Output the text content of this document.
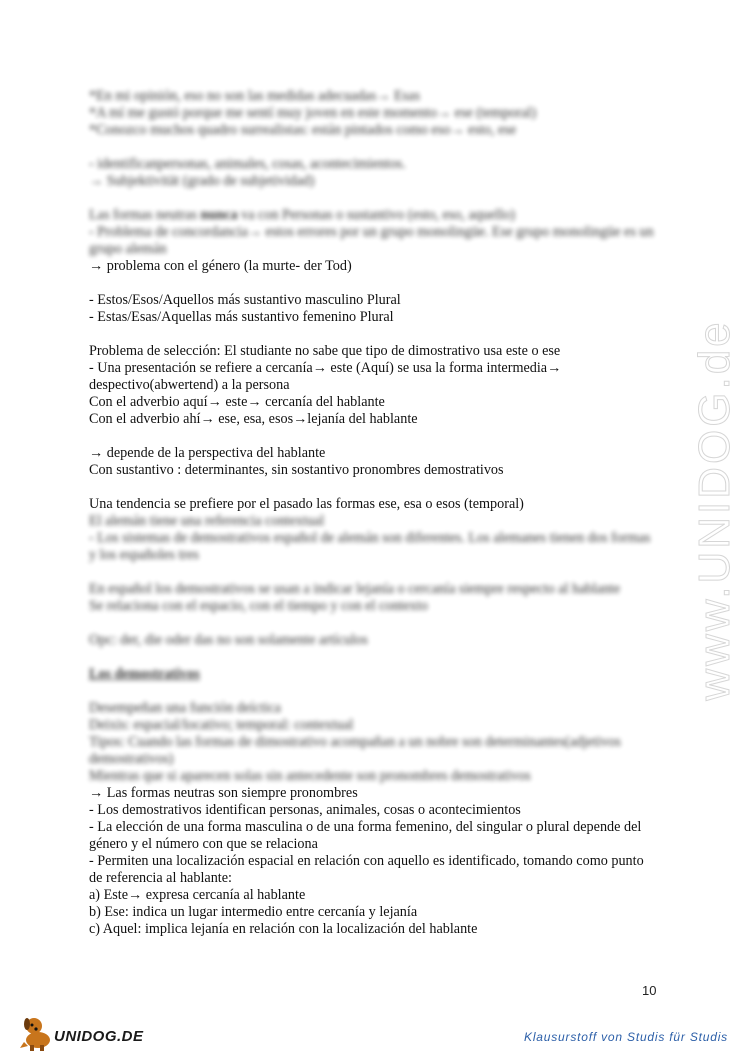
*En mi opinión, eso no son las medidas adecuadas→ Esas
*A mí me gustó porque me sentí muy joven en este momento→ ese (temporal)
*Conozco muchos quadro surrealistas: están pintados como eso→ esto, ese
- identificanpersonas, animales, cosas, acontecimientos.
→ Subjektivität (grado de subjetividad)
Las formas neutras nunca va con Personas o sustantivo (esto, eso, aquello)
- Problema de concordancia→ estos errores por un grupo monolingüe. Ese grupo monolingüe es un grupo alemán
→ problema con el género (la murte- der Tod)
- Estos/Esos/Aquellos más sustantivo masculino Plural
- Estas/Esas/Aquellas más sustantivo femenino Plural
Problema de selección: El studiante no sabe que tipo de dimostrativo usa este o ese
- Una presentación se refiere a cercanía→ este (Aquí) se usa la forma intermedia→
despectivo(abwertend) a la persona
Con el adverbio aquí→ este→ cercanía del hablante
Con el adverbio ahí→ ese, esa, esos→lejanía del hablante
→ depende de la perspectiva del hablante
Con sustantivo : determinantes, sin sostantivo pronombres demostrativos
Una tendencia se prefiere por el pasado las formas ese, esa o esos (temporal)
El alemán tiene una referencia contextual
- Los sistemas de demostrativos español de alemán son diferentes. Los alemanes tienen dos formas y los españoles tres
En español los demostrativos se usan a indicar lejanía o cercanía siempre respecto al hablante
Se relaciona con el espacio, con el tiempo y con el contexto
Opc: der, die oder das no son solamente artículos
Los demostrativos
Desempeñan una función deíctica
Deixis: espacial/locativo; temporal: contextual
Tipos: Cuando las formas de dimostrativo acompañan a un nobre son determinantes(adjetivos demostrativos)
Mientras que si aparecen solas sin antecedente son pronombres demostrativos
→ Las formas neutras son siempre pronombres
- Los demostrativos identifican personas, animales, cosas o acontecimientos
- La elección de una forma masculina o de una forma femenino, del singular o plural depende del género y el número con que se relaciona
- Permiten una localización espacial en relación con aquello es identificado, tomando como punto de referencia al hablante:
a) Este→ expresa cercanía al hablante
b) Ese: indica un lugar intermedio entre cercanía y lejanía
c) Aquel: implica lejanía en relación con la localización del hablante
www.UNIDOG.de
10
UNIDOG.DE	Klausurstoff von Studis für Studis
